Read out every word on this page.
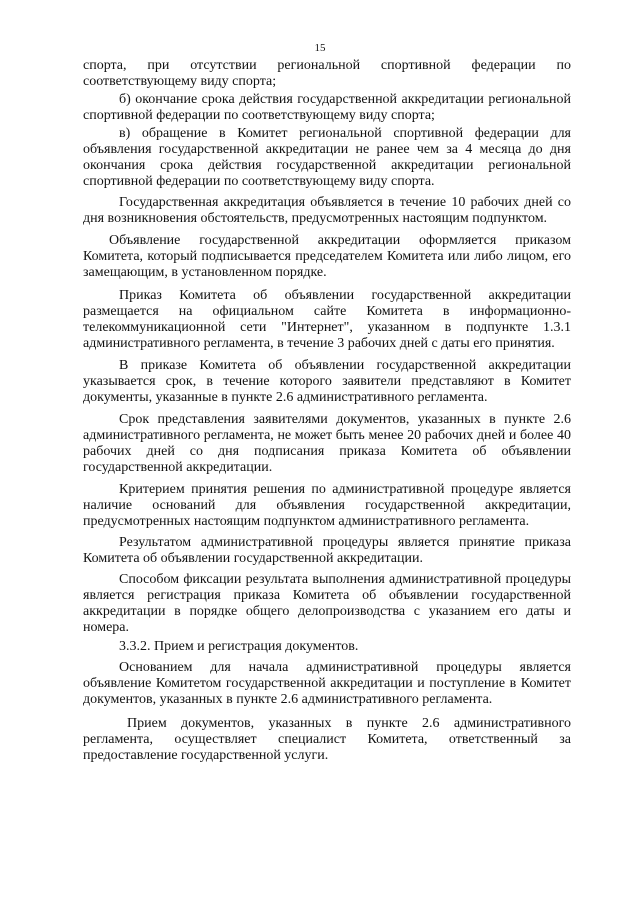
15

спорта, при отсутствии региональной спортивной федерации по соответствующему виду спорта;

б) окончание срока действия государственной аккредитации региональной спортивной федерации по соответствующему виду спорта;

в) обращение в Комитет региональной спортивной федерации для объявления государственной аккредитации не ранее чем за 4 месяца до дня окончания срока действия государственной аккредитации региональной спортивной федерации по соответствующему виду спорта.

Государственная аккредитация объявляется в течение 10 рабочих дней со дня возникновения обстоятельств, предусмотренных настоящим подпунктом.

Объявление государственной аккредитации оформляется приказом Комитета, который подписывается председателем Комитета или либо лицом, его замещающим, в установленном порядке.

Приказ Комитета об объявлении государственной аккредитации размещается на официальном сайте Комитета в информационно-телекоммуникационной сети "Интернет", указанном в подпункте 1.3.1 административного регламента, в течение 3 рабочих дней с даты его принятия.

В приказе Комитета об объявлении государственной аккредитации указывается срок, в течение которого заявители представляют в Комитет документы, указанные в пункте 2.6 административного регламента.

Срок представления заявителями документов, указанных в пункте 2.6 административного регламента, не может быть менее 20 рабочих дней и более 40 рабочих дней со дня подписания приказа Комитета об объявлении государственной аккредитации.

Критерием принятия решения по административной процедуре является наличие оснований для объявления государственной аккредитации, предусмотренных настоящим подпунктом административного регламента.

Результатом административной процедуры является принятие приказа Комитета об объявлении государственной аккредитации.

Способом фиксации результата выполнения административной процедуры является регистрация приказа Комитета об объявлении государственной аккредитации в порядке общего делопроизводства с указанием его даты и номера.

3.3.2. Прием и регистрация документов.

Основанием для начала административной процедуры является объявление Комитетом государственной аккредитации и поступление в Комитет документов, указанных в пункте 2.6 административного регламента.

Прием документов, указанных в пункте 2.6 административного регламента, осуществляет специалист Комитета, ответственный за предоставление государственной услуги.
